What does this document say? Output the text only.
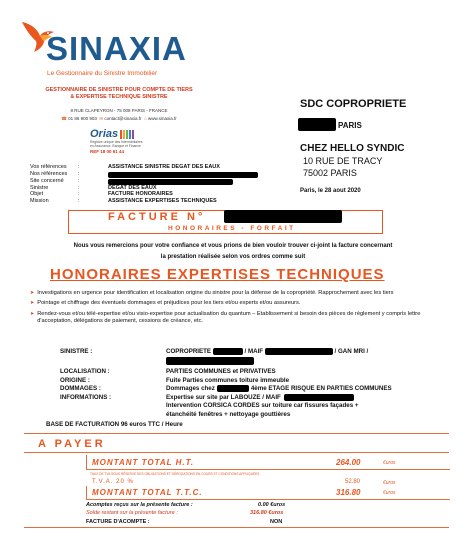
SINAXIA
Le Gestionnaire du Sinistre Immobilier
GESTIONNAIRE DE SINISTRE POUR COMPTE DE TIERS
& EXPERTISE TECHNIQUE SINISTRE
8 RUE CLAPEYRON - 75 008 PARIS - FRANCE
☎ 01 86 900 903 ✉ contact@sinaxia.fr ⌂ www.sinaxia.fr
Orias
Registre unique des Intermédiaires
en Assurance, Banque et Finance
REF 18 00 61 44
SDC COPROPRIETE
PARIS
CHEZ HELLO SYNDIC
10 RUE DE TRACY
75002 PARIS
Paris, le 28 aout 2020
Vos références	:	ASSISTANCE SINISTRE DEGAT DES EAUX
Nos références	:
Site concerné	:
Sinistre	:	DEGAT DES EAUX
Objet	:	FACTURE HONORAIRES
Mission	:	ASSISTANCE EXPERTISES TECHNIQUES
FACTURE N°
HONORAIRES - FORFAIT
Nous vous remercions pour votre confiance et vous prions de bien vouloir trouver ci-joint la facture concernant
la prestation réalisée selon vos ordres comme suit
HONORAIRES EXPERTISES TECHNIQUES
➤ Investigations en urgence pour identification et localisation origine du sinistre pour la défense de la copropriété. Rapprochement avec les tiers
➤ Pointage et chiffrage des éventuels dommages et préjudices pour les tiers et/ou experts et/ou assureurs.
➤ Rendez-vous et/ou télé-expertise et/ou visio-expertise pour actualisation du quantum – Etablissement si besoin des pièces de règlement y compris lettre d'acceptation, délégations de paiement, cessions de créance, etc.
SINISTRE :	COPROPRIETE	/ MAIF	/ GAN MRI /
LOCALISATION :	PARTIES COMMUNES et PRIVATIVES
ORIGINE :	Fuite Parties communes toiture immeuble
DOMMAGES :	Dommages chez	4ème ETAGE RISQUE EN PARTIES COMMUNES
INFORMATIONS :	Expertise sur site par LABOUZE / MAIF
Intervention CORSICA CORDES sur toiture car fissures façades +
étanchéité fenêtres + nettoyage gouttières
BASE DE FACTURATION 96 euros TTC / Heure
A PAYER
MONTANT TOTAL H.T.	264.00	€uros
TAUX DE TVA SOUS RÉSERVE DES OBLIGATIONS ET DÉROGATIONS EN COURS ET CONDITIONS APPLIQUÉES
T.V.A. 20 %	52.80	€uros
MONTANT TOTAL T.T.C.	316.80	€uros
Acomptes reçus sur la présente facture :	0.00 €uros
Solde restant sur la présente facture :	316.80 €uros
FACTURE D'ACOMPTE :	NON
